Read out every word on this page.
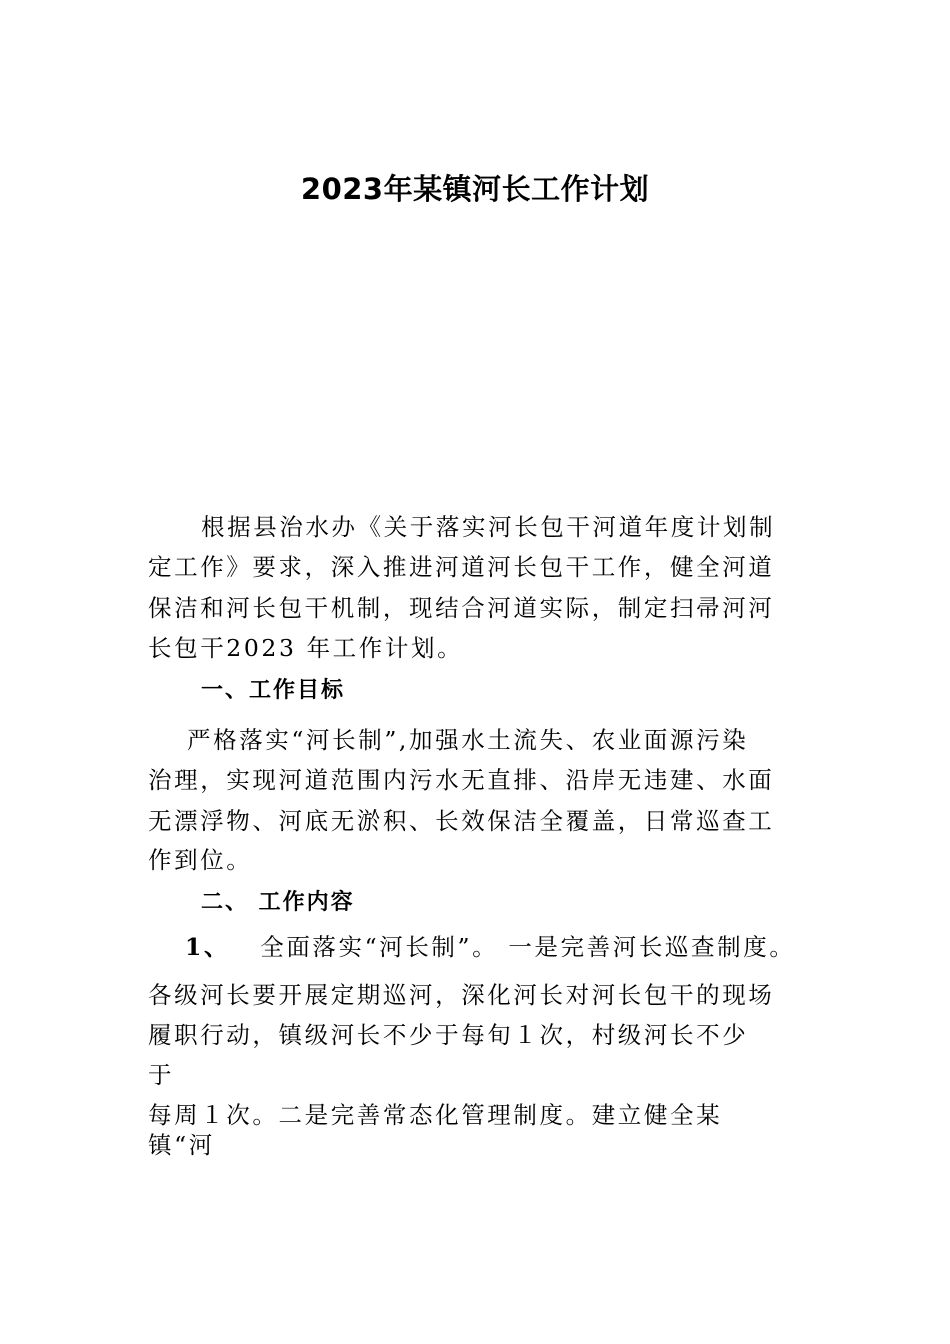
2023年某镇河长工作计划
根据县治水办《关于落实河长包干河道年度计划制
定工作》要求，深入推进河道河长包干工作，健全河道
保洁和河长包干机制，现结合河道实际，制定扫帚河河
长包干2023 年工作计划。
一、工作目标
严格落实“河长制”,加强水土流失、农业面源污染
治理，实现河道范围内污水无直排、沿岸无违建、水面
无漂浮物、河底无淤积、长效保洁全覆盖，日常巡查工
作到位。
二、 工作内容
1、 全面落实“河长制”。 一是完善河长巡查制度。
各级河长要开展定期巡河，深化河长对河长包干的现场
履职行动，镇级河长不少于每旬１次，村级河长不少
于
每周１次。二是完善常态化管理制度。建立健全某
镇“河
